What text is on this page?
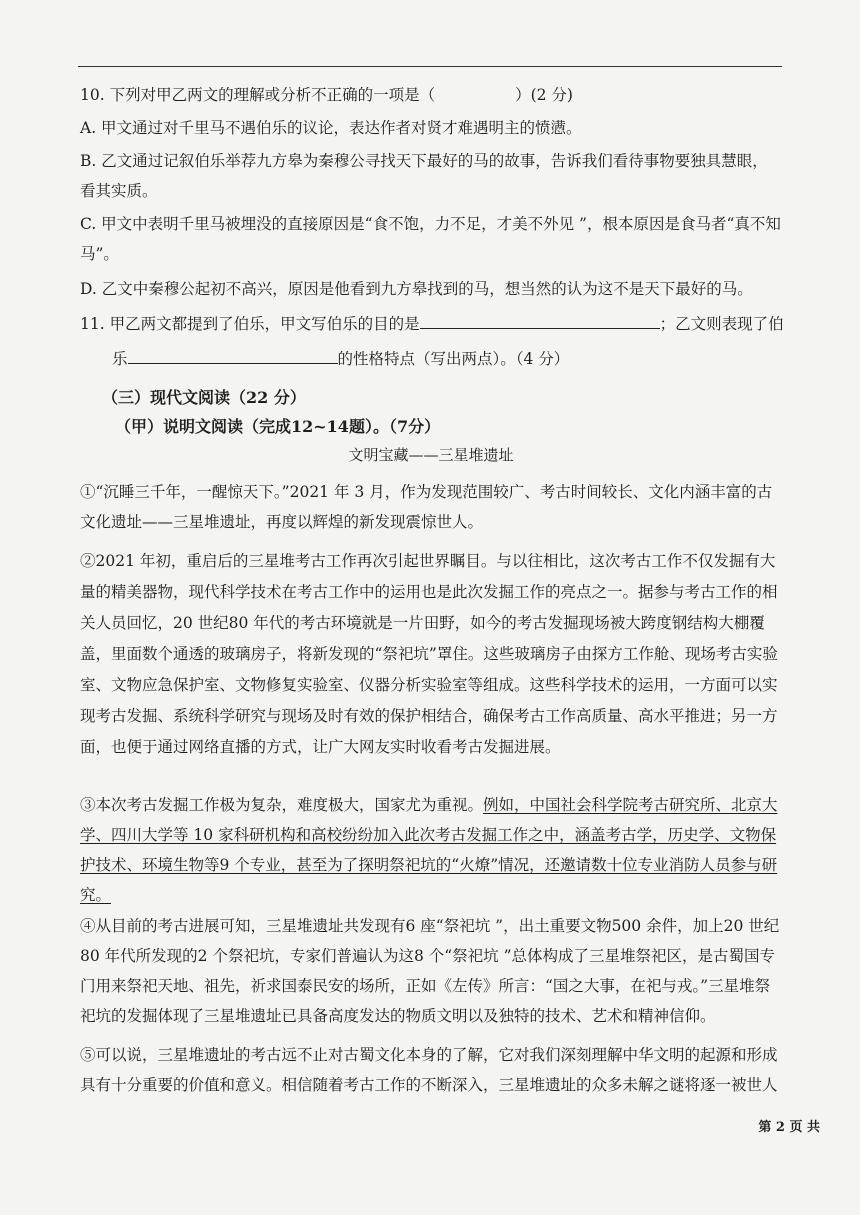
10. 下列对甲乙两文的理解或分析不正确的一项是（	）(2 分)
A. 甲文通过对千里马不遇伯乐的议论，表达作者对贤才难遇明主的愤懑。
B. 乙文通过记叙伯乐举荐九方皋为秦穆公寻找天下最好的马的故事，告诉我们看待事物要独具慧眼，看其实质。
C. 甲文中表明千里马被埋没的直接原因是“食不饱，力不足，才美不外见 ”，根本原因是食马者“真不知马”。
D. 乙文中秦穆公起初不高兴，原因是他看到九方皋找到的马，想当然的认为这不是天下最好的马。
11. 甲乙两文都提到了伯乐，甲文写伯乐的目的是	；乙文则表现了伯
乐	的性格特点（写出两点）。（4 分）
（三）现代文阅读（22 分）
（甲）说明文阅读（完成12~14题）。（7分）
文明宝藏——三星堆遗址
①“沉睡三千年，一醒惊天下。”2021 年 3 月，作为发现范围较广、考古时间较长、文化内涵丰富的古文化遗址——三星堆遗址，再度以辉煌的新发现震惊世人。
②2021 年初，重启后的三星堆考古工作再次引起世界瞩目。与以往相比，这次考古工作不仅发掘有大量的精美器物，现代科学技术在考古工作中的运用也是此次发掘工作的亮点之一。据参与考古工作的相关人员回忆，20 世纪80 年代的考古环境就是一片田野，如今的考古发掘现场被大跨度钢结构大棚覆盖，里面数个通透的玻璃房子，将新发现的“祭祀坑”罩住。这些玻璃房子由探方工作舱、现场考古实验室、文物应急保护室、文物修复实验室、仪器分析实验室等组成。这些科学技术的运用，一方面可以实现考古发掘、系统科学研究与现场及时有效的保护相结合，确保考古工作高质量、高水平推进；另一方面，也便于通过网络直播的方式，让广大网友实时收看考古发掘进展。
③本次考古发掘工作极为复杂，难度极大，国家尤为重视。例如，中国社会科学院考古研究所、北京大学、四川大学等 10 家科研机构和高校纷纷加入此次考古发掘工作之中，涵盖考古学，历史学、文物保护技术、环境生物等9 个专业，甚至为了探明祭祀坑的“火燎”情况，还邀请数十位专业消防人员参与研究。
④从目前的考古进展可知，三星堆遗址共发现有6 座“祭祀坑 ”，出土重要文物500 余件，加上20 世纪 80 年代所发现的2 个祭祀坑，专家们普遍认为这8 个“祭祀坑 ”总体构成了三星堆祭祀区，是古蜀国专门用来祭祀天地、祖先，祈求国泰民安的场所，正如《左传》所言：“国之大事，在祀与戎。”三星堆祭祀坑的发掘体现了三星堆遗址已具备高度发达的物质文明以及独特的技术、艺术和精神信仰。
⑤可以说，三星堆遗址的考古远不止对古蜀文化本身的了解，它对我们深刻理解中华文明的起源和形成具有十分重要的价值和意义。相信随着考古工作的不断深入，三星堆遗址的众多未解之谜将逐一被世人
第 2 页 共
